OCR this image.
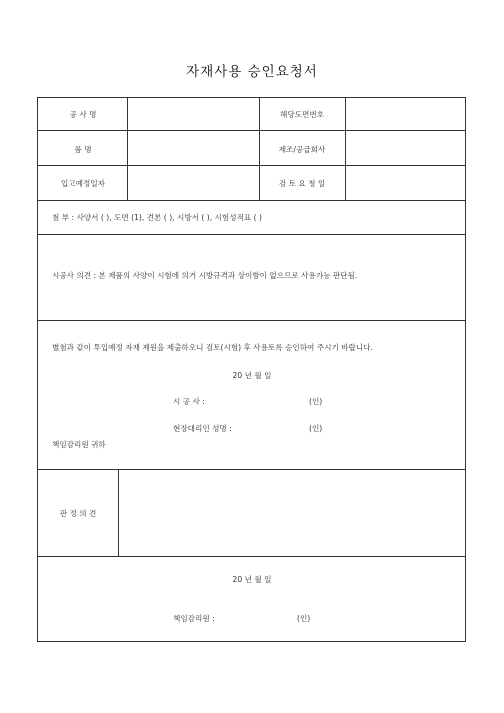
자재사용 승인요청서
공 사 명	해당도면번호
품 명	제조/공급회사
입고예정일자	검 토 요 청 일
첨 부 : 사양서 ( ), 도면 (1), 견본 ( ), 시방서 ( ), 시험성적표 ( )
시공사 의견 : 본 제품의 사양이 시험에 의거 시방규격과 상이함이 없으므로 사용가능 판단됨.
별첨과 같이 투입예정 자재 제원을 제출하오니 검토(시험) 후 사용토록 승인하여 주시기 바랍니다.
20 년 월 일
시 공 사 :	(인)
현장대리인 성명 :	(인)
책임감리원 귀하
판 정 의 견
20 년 월 일
책임감리원 :	(인)
